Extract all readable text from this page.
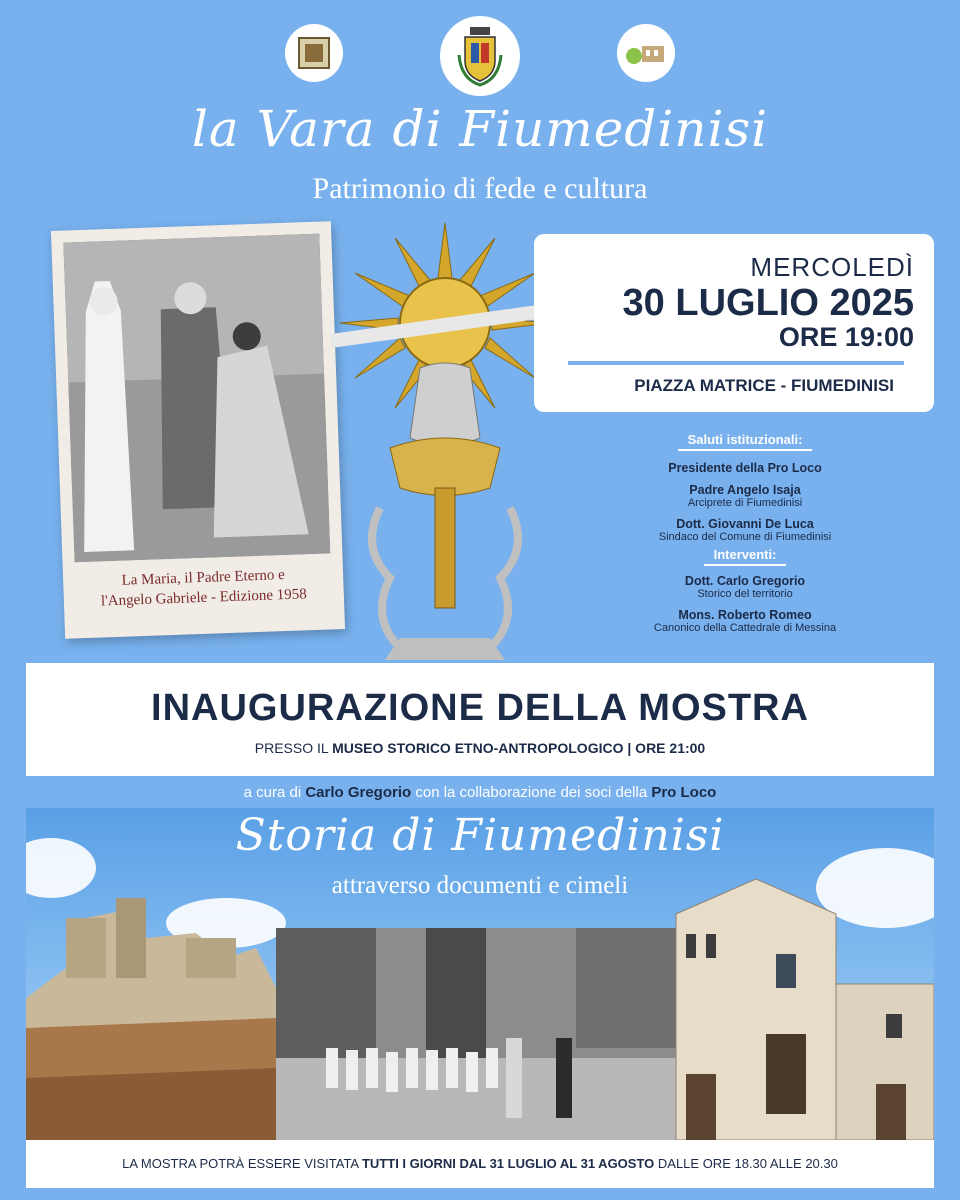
la Vara di Fiumedinisi
Patrimonio di fede e cultura
La Maria, il Padre Eterno e
l'Angelo Gabriele - Edizione 1958
MERCOLEDÌ
30 LUGLIO 2025
ORE 19:00
PIAZZA MATRICE - FIUMEDINISI
Saluti istituzionali:
Presidente della Pro Loco
Padre Angelo Isaja
Arciprete di Fiumedinisi
Dott. Giovanni De Luca
Sindaco del Comune di Fiumedinisi
Interventi:
Dott. Carlo Gregorio
Storico del territorio
Mons. Roberto Romeo
Canonico della Cattedrale di Messina
INAUGURAZIONE DELLA MOSTRA
PRESSO IL MUSEO STORICO ETNO-ANTROPOLOGICO | ORE 21:00
a cura di Carlo Gregorio con la collaborazione dei soci della Pro Loco
Storia di Fiumedinisi
attraverso documenti e cimeli
LA MOSTRA POTRÀ ESSERE VISITATA TUTTI I GIORNI DAL 31 LUGLIO AL 31 AGOSTO DALLE ORE 18.30 ALLE 20.30
